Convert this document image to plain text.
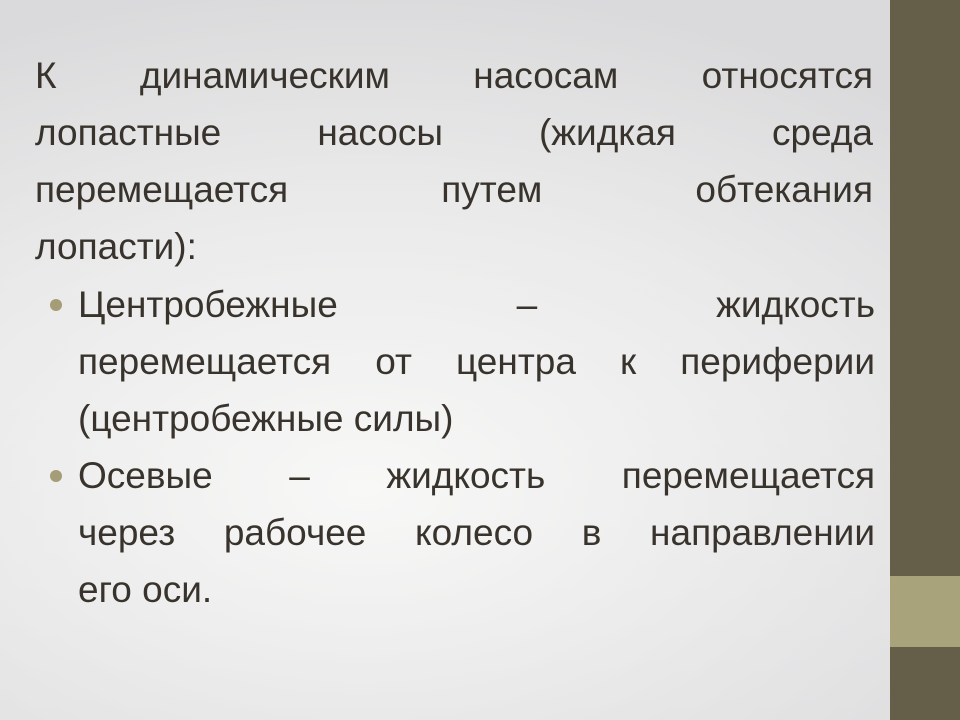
К динамическим насосам относятся
лопастные насосы (жидкая среда
перемещается путем обтекания
лопасти):
Центробежные – жидкость
перемещается от центра к периферии
(центробежные силы)
Осевые – жидкость перемещается
через рабочее колесо в направлении
его оси.
